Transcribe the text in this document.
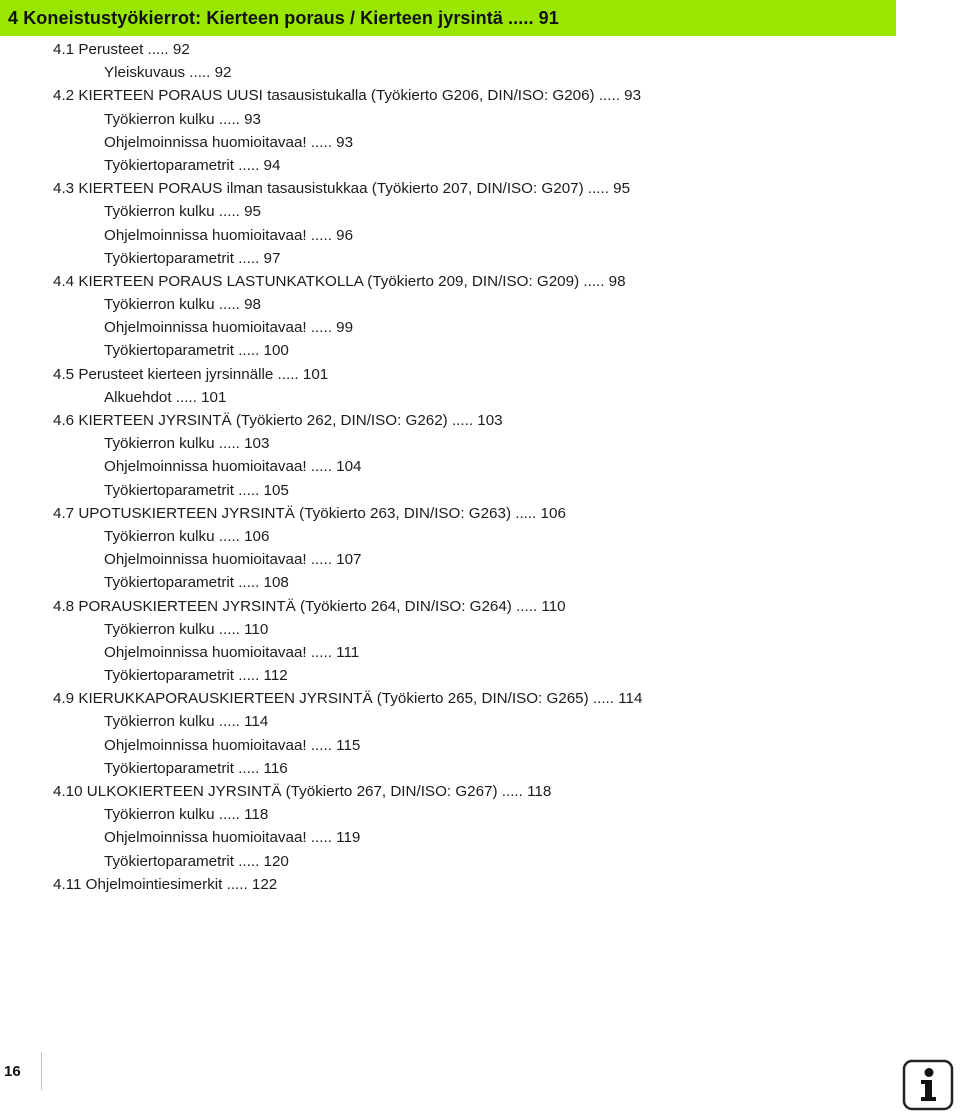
4 Koneistustyökierrot: Kierteen poraus / Kierteen jyrsintä ..... 91
4.1 Perusteet ..... 92
Yleiskuvaus ..... 92
4.2 KIERTEEN PORAUS UUSI tasausistukalla (Työkierto G206, DIN/ISO: G206) ..... 93
Työkierron kulku ..... 93
Ohjelmoinnissa huomioitavaa! ..... 93
Työkiertoparametrit ..... 94
4.3 KIERTEEN PORAUS ilman tasausistukkaa (Työkierto 207, DIN/ISO: G207) ..... 95
Työkierron kulku ..... 95
Ohjelmoinnissa huomioitavaa! ..... 96
Työkiertoparametrit ..... 97
4.4 KIERTEEN PORAUS LASTUNKATKOLLA (Työkierto 209, DIN/ISO: G209) ..... 98
Työkierron kulku ..... 98
Ohjelmoinnissa huomioitavaa! ..... 99
Työkiertoparametrit ..... 100
4.5 Perusteet kierteen jyrsinnälle ..... 101
Alkuehdot ..... 101
4.6 KIERTEEN JYRSINTÄ (Työkierto 262, DIN/ISO: G262) ..... 103
Työkierron kulku ..... 103
Ohjelmoinnissa huomioitavaa! ..... 104
Työkiertoparametrit ..... 105
4.7 UPOTUSKIERTEEN JYRSINTÄ (Työkierto 263, DIN/ISO: G263) ..... 106
Työkierron kulku ..... 106
Ohjelmoinnissa huomioitavaa! ..... 107
Työkiertoparametrit ..... 108
4.8 PORAUSKIERTEEN JYRSINTÄ (Työkierto 264, DIN/ISO: G264) ..... 110
Työkierron kulku ..... 110
Ohjelmoinnissa huomioitavaa! ..... 111
Työkiertoparametrit ..... 112
4.9 KIERUKKAPORAUSKIERTEEN JYRSINTÄ (Työkierto 265, DIN/ISO: G265) ..... 114
Työkierron kulku ..... 114
Ohjelmoinnissa huomioitavaa! ..... 115
Työkiertoparametrit ..... 116
4.10 ULKOKIERTEEN JYRSINTÄ (Työkierto 267, DIN/ISO: G267) ..... 118
Työkierron kulku ..... 118
Ohjelmoinnissa huomioitavaa! ..... 119
Työkiertoparametrit ..... 120
4.11 Ohjelmointiesimerkit ..... 122
16
